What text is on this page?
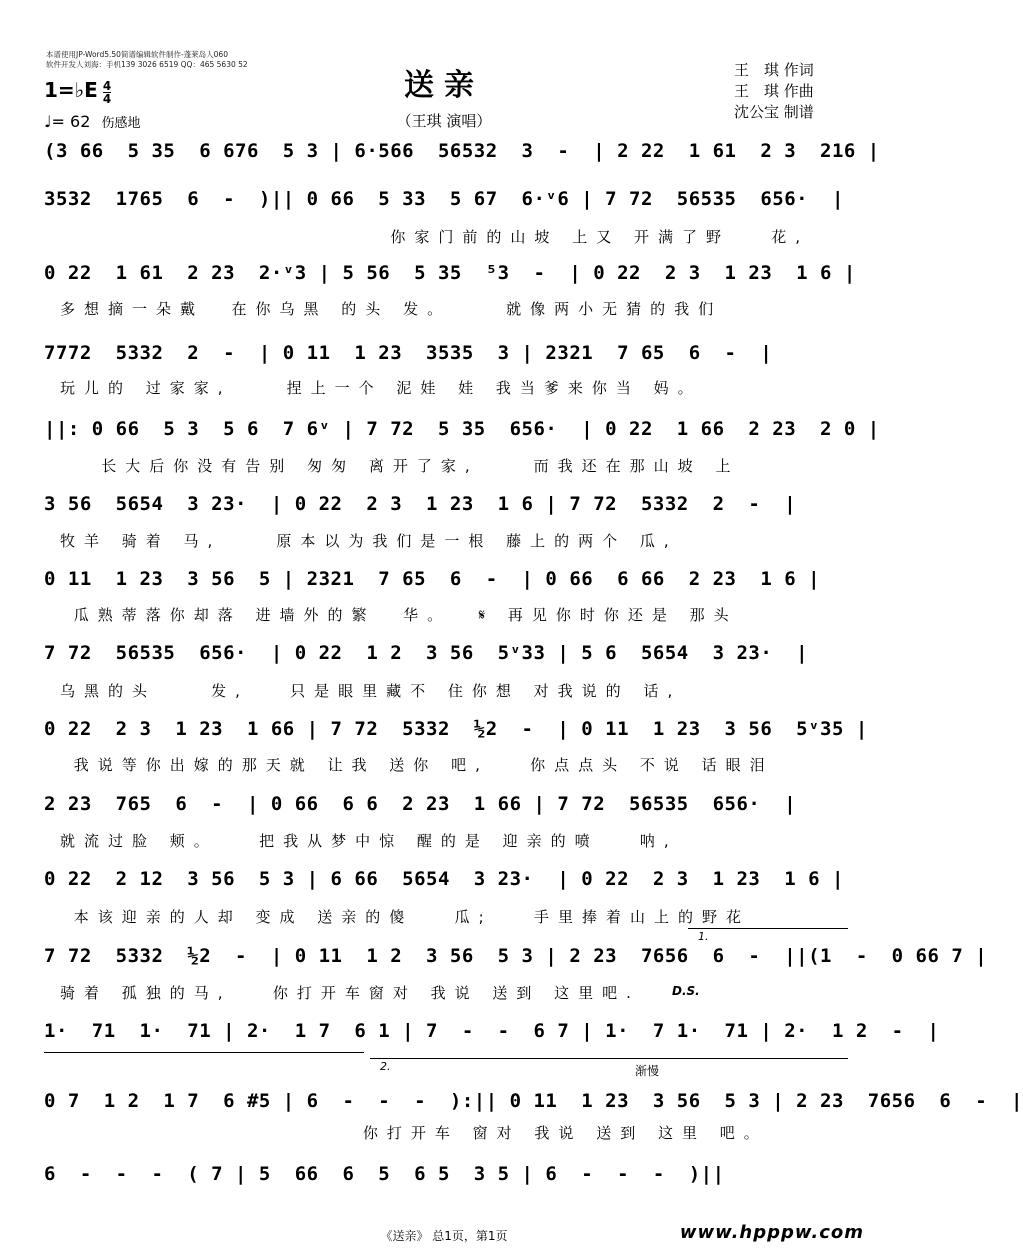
本谱使用JP-Word5.50简谱编辑软件制作-蓬莱岛人060
软件开发人刘海：手机139 3026 6519 QQ：465 5630 52
送亲
1=♭E $\frac{4}{4}$
♩= 62 伤感地	（王琪 演唱）
王　琪 作词
王　琪 作曲
沈公宝 制谱
(3 66  5 35  6 676  5 3 | 6·566  56532  3  -  | 2 22  1 61  2 3  216 |
3532  1765  6  -  )|| 0 66  5 33  5 67  6·ᵛ6 | 7 72  56535  656·  |
你家门前的山坡 上又 开满了野   花,
0 22  1 61  2 23  2·ᵛ3 | 5 56  5 35  ⁵3  -  | 0 22  2 3  1 23  1 6 |
多想摘一朵戴  在你乌黑 的头 发。    就像两小无猜的我们
7772  5332  2  -  | 0 11  1 23  3535  3 | 2321  7 65  6  -  |
玩儿的 过家家,    捏上一个 泥娃 娃 我当爹来你当 妈。
||: 0 66  5 3  5 6  7 6ᵛ | 7 72  5 35  656·  | 0 22  1 66  2 23  2 0 |
长大后你没有告别 匆匆 离开了家,    而我还在那山坡 上
3 56  5654  3 23·  | 0 22  2 3  1 23  1 6 | 7 72  5332  2  -  |
牧羊 骑着 马,    原本以为我们是一根 藤上的两个 瓜,
0 11  1 23  3 56  5 | 2321  7 65  6  -  | 0 66  6 66  2 23  1 6 |
瓜熟蒂落你却落 进墙外的繁  华。  𝄋 再见你时你还是 那头
7 72  56535  656·  | 0 22  1 2  3 56  5ᵛ33 | 5 6  5654  3 23·  |
乌黑的头    发,   只是眼里藏不 住你想 对我说的 话,
0 22  2 3  1 23  1 66 | 7 72  5332  ½2  -  | 0 11  1 23  3 56  5ᵛ35 |
我说等你出嫁的那天就 让我 送你 吧,   你点点头 不说 话眼泪
2 23  765  6  -  | 0 66  6 6  2 23  1 66 | 7 72  56535  656·  |
就流过脸 颊。   把我从梦中惊 醒的是 迎亲的喷   呐,
0 22  2 12  3 56  5 3 | 6 66  5654  3 23·  | 0 22  2 3  1 23  1 6 |
本该迎亲的人却 变成 送亲的傻   瓜;   手里捧着山上的野花
7 72  5332  ½2  -  | 0 11  1 2  3 56  5 3 | 2 23  7656  6  -  ||(1  -  0 66 7 |
骑着 孤独的马,   你打开车窗对 我说 送到 这里吧.
1·  71  1·  71 | 2·  1 7  6 1 | 7  -  -  6 7 | 1·  7 1·  71 | 2·  1 2  -  |
0 7  1 2  1 7  6 #5 | 6  -  -  -  ):|| 0 11  1 23  3 56  5 3 | 2 23  7656  6  -  |
你打开车 窗对 我说 送到 这里 吧。
6  -  -  -  ( 7 | 5  66  6  5  6 5  3 5 | 6  -  -  -  )||
1.
2.
D.S.
渐慢
《送亲》 总1页，第1页	www.hpppw.com
